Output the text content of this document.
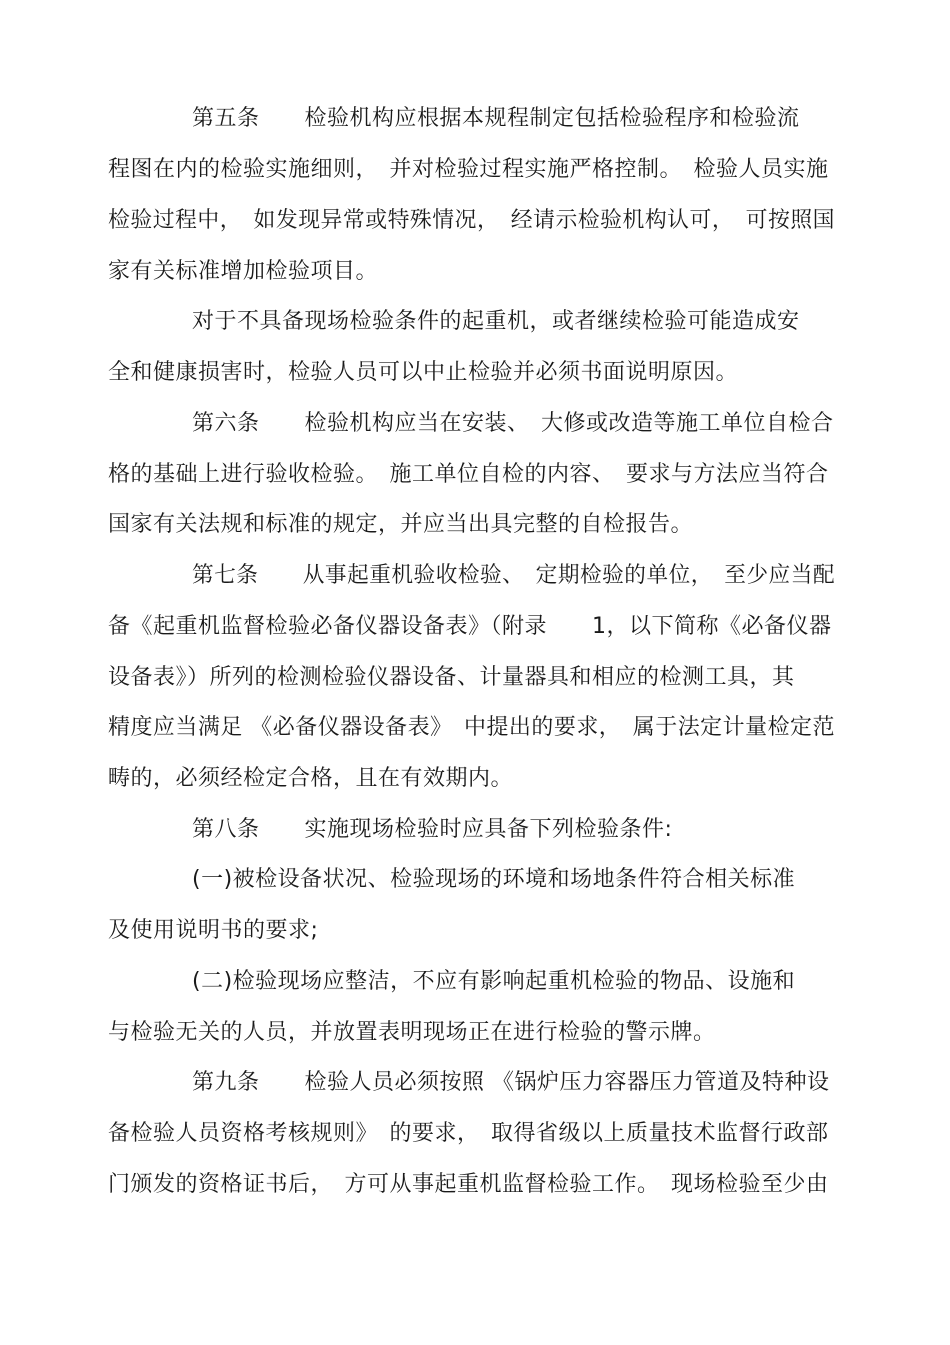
第五条　　检验机构应根据本规程制定包括检验程序和检验流
程图在内的检验实施细则，　并对检验过程实施严格控制。　检验人员实施
检验过程中，　如发现异常或特殊情况，　经请示检验机构认可，　可按照国
家有关标准增加检验项目。
对于不具备现场检验条件的起重机，或者继续检验可能造成安
全和健康损害时，检验人员可以中止检验并必须书面说明原因。
第六条　　检验机构应当在安装、　大修或改造等施工单位自检合
格的基础上进行验收检验。　施工单位自检的内容、　要求与方法应当符合
国家有关法规和标准的规定，并应当出具完整的自检报告。
第七条　　从事起重机验收检验、　定期检验的单位，　至少应当配
备《起重机监督检验必备仪器设备表》（附录　　1，以下简称《必备仪器
设备表》）所列的检测检验仪器设备、计量器具和相应的检测工具，其
精度应当满足 《必备仪器设备表》　中提出的要求，　属于法定计量检定范
畴的，必须经检定合格，且在有效期内。
第八条　　实施现场检验时应具备下列检验条件:
(一)被检设备状况、检验现场的环境和场地条件符合相关标准
及使用说明书的要求;
(二)检验现场应整洁，不应有影响起重机检验的物品、设施和
与检验无关的人员，并放置表明现场正在进行检验的警示牌。
第九条　　检验人员必须按照 《锅炉压力容器压力管道及特种设
备检验人员资格考核规则》　的要求，　取得省级以上质量技术监督行政部
门颁发的资格证书后，　方可从事起重机监督检验工作。　现场检验至少由
